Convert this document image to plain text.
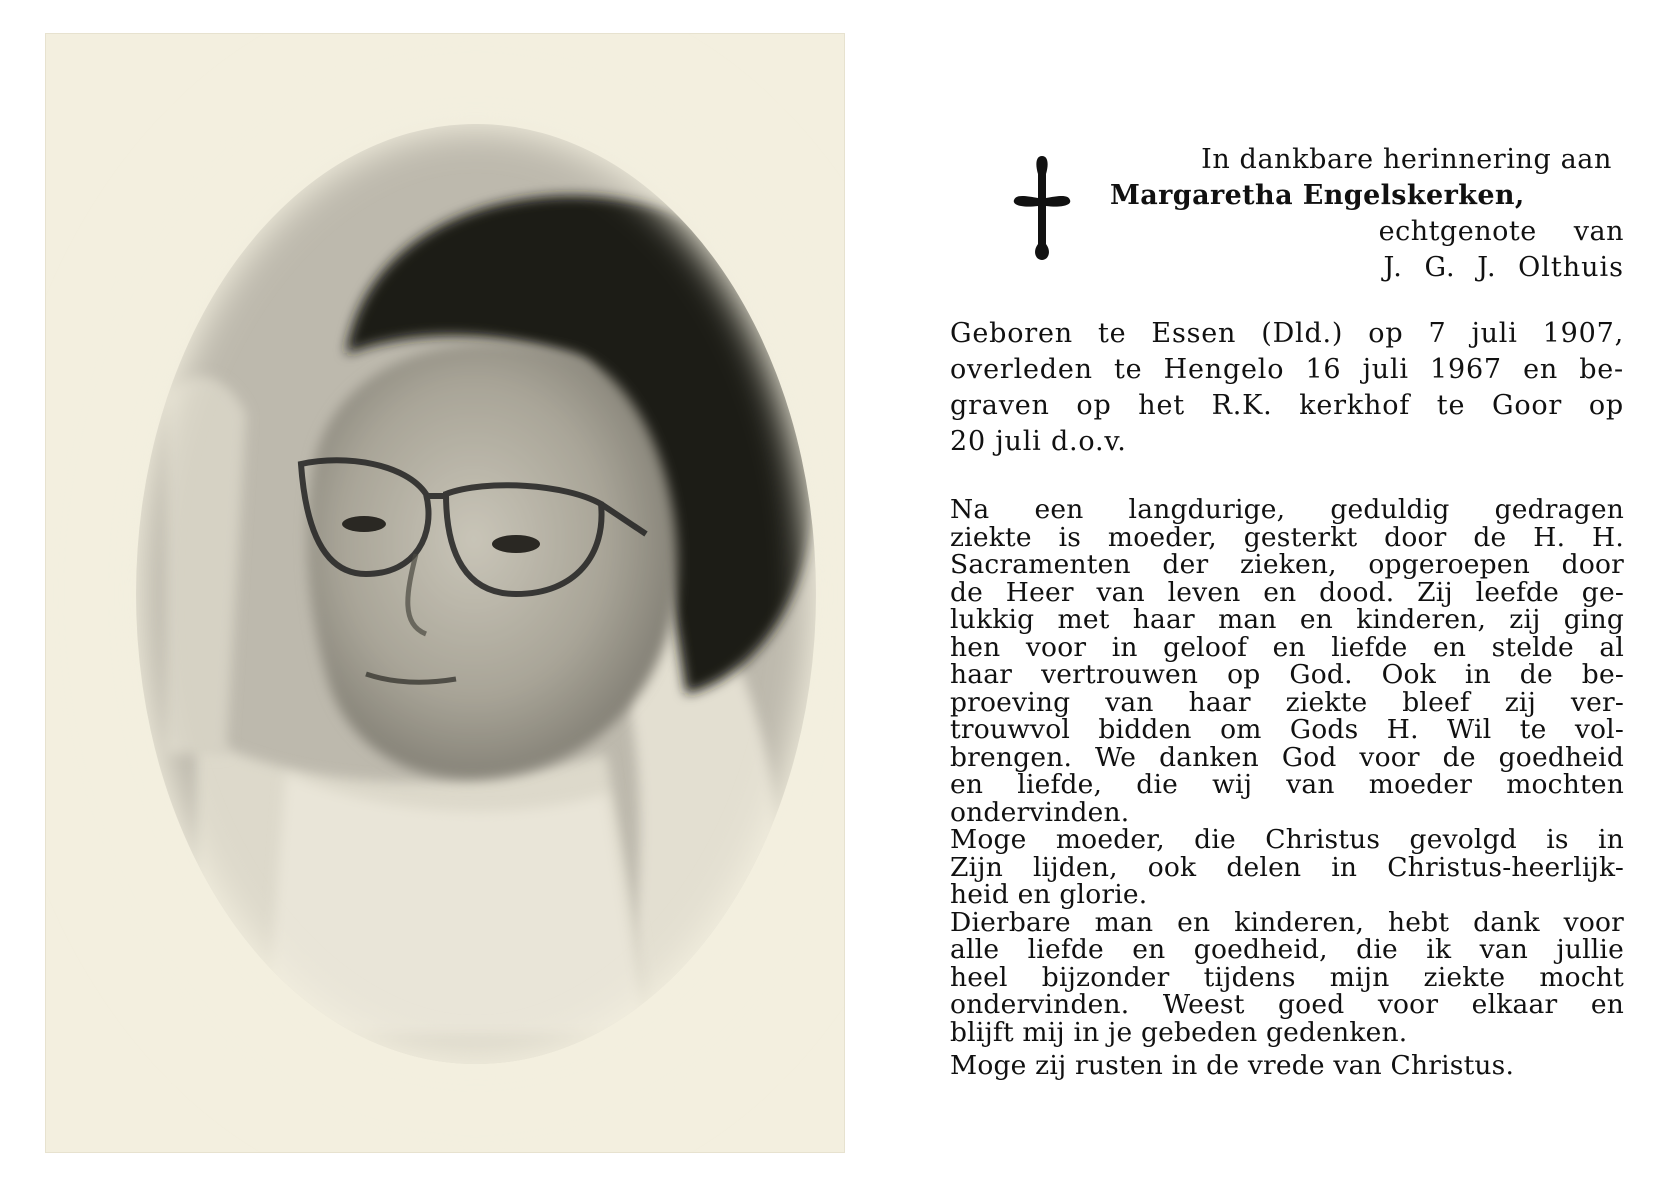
In dankbare herinnering aan
Margaretha Engelskerken,
echtgenote van
J. G. J. Olthuis
Geboren te Essen (Dld.) op 7 juli 1907,
overleden te Hengelo 16 juli 1967 en be-
graven op het R.K. kerkhof te Goor op
20 juli d.o.v.
Na een langdurige, geduldig gedragen
ziekte is moeder, gesterkt door de H. H.
Sacramenten der zieken, opgeroepen door
de Heer van leven en dood. Zij leefde ge-
lukkig met haar man en kinderen, zij ging
hen voor in geloof en liefde en stelde al
haar vertrouwen op God. Ook in de be-
proeving van haar ziekte bleef zij ver-
trouwvol bidden om Gods H. Wil te vol-
brengen. We danken God voor de goedheid
en liefde, die wij van moeder mochten
ondervinden.
Moge moeder, die Christus gevolgd is in
Zijn lijden, ook delen in Christus-heerlijk-
heid en glorie.
Dierbare man en kinderen, hebt dank voor
alle liefde en goedheid, die ik van jullie
heel bijzonder tijdens mijn ziekte mocht
ondervinden. Weest goed voor elkaar en
blijft mij in je gebeden gedenken.
Moge zij rusten in de vrede van Christus.
